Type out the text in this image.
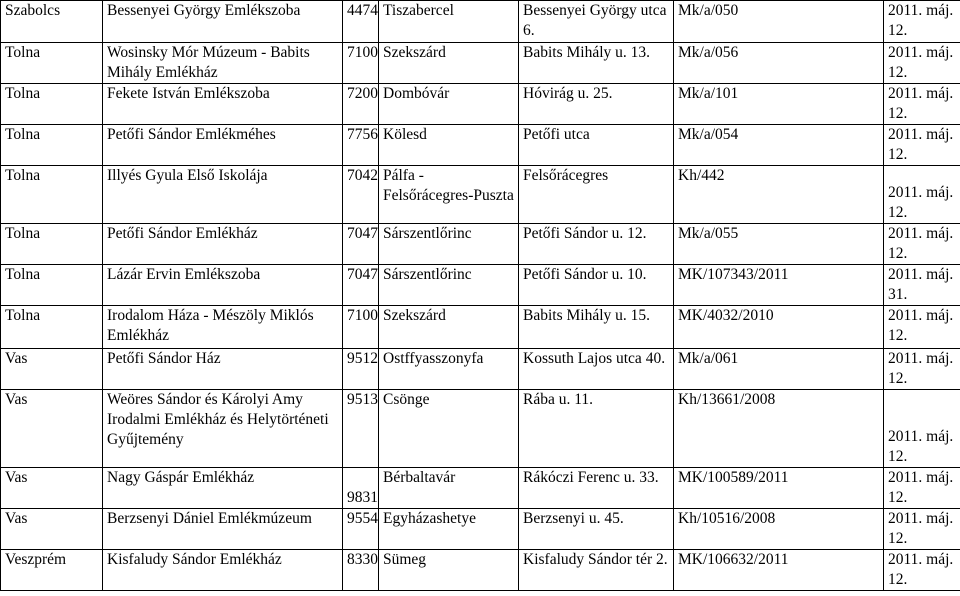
Szabolcs	Bessenyei György Emlékszoba	4474	Tiszabercel	Bessenyei György utca 6.	Mk/a/050	2011. máj. 12.
Tolna	Wosinsky Mór Múzeum - Babits Mihály Emlékház	7100	Szekszárd	Babits Mihály u. 13.	Mk/a/056	2011. máj. 12.
Tolna	Fekete István Emlékszoba	7200	Dombóvár	Hóvirág u. 25.	Mk/a/101	2011. máj. 12.
Tolna	Petőfi Sándor Emlékméhes	7756	Kölesd	Petőfi utca	Mk/a/054	2011. máj. 12.
Tolna	Illyés Gyula Első Iskolája	7042	Pálfa - Felsőrácegres-Puszta	Felsőrácegres	Kh/442	2011. máj. 12.
Tolna	Petőfi Sándor Emlékház	7047	Sárszentlőrinc	Petőfi Sándor u. 12.	Mk/a/055	2011. máj. 12.
Tolna	Lázár Ervin Emlékszoba	7047	Sárszentlőrinc	Petőfi Sándor u. 10.	MK/107343/2011	2011. máj. 31.
Tolna	Irodalom Háza - Mészöly Miklós Emlékház	7100	Szekszárd	Babits Mihály u. 15.	MK/4032/2010	2011. máj. 12.
Vas	Petőfi Sándor Ház	9512	Ostffyasszonyfa	Kossuth Lajos utca 40.	Mk/a/061	2011. máj. 12.
Vas	Weöres Sándor és Károlyi Amy Irodalmi Emlékház és Helytörténeti Gyűjtemény	9513	Csönge	Rába u. 11.	Kh/13661/2008	2011. máj. 12.
Vas	Nagy Gáspár Emlékház	9831	Bérbaltavár	Rákóczi Ferenc u. 33.	MK/100589/2011	2011. máj. 12.
Vas	Berzsenyi Dániel Emlékmúzeum	9554	Egyházashetye	Berzsenyi u. 45.	Kh/10516/2008	2011. máj. 12.
Veszprém	Kisfaludy Sándor Emlékház	8330	Sümeg	Kisfaludy Sándor tér 2.	MK/106632/2011	2011. máj. 12.
